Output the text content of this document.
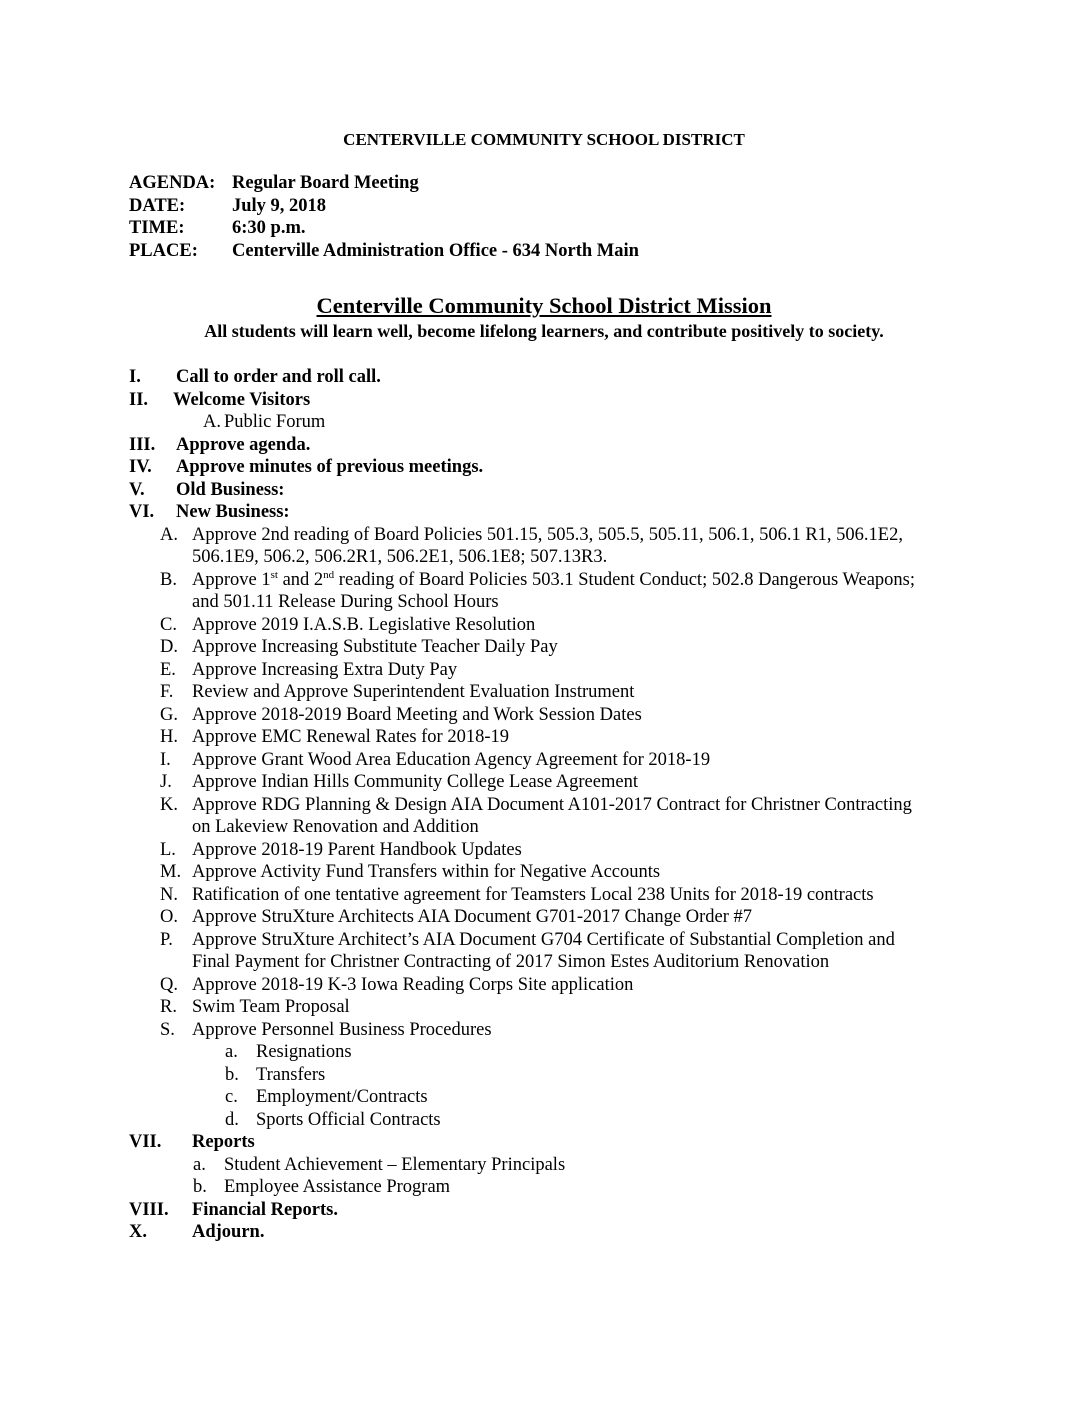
CENTERVILLE COMMUNITY SCHOOL DISTRICT
AGENDA: Regular Board Meeting
DATE:	July 9, 2018
TIME:	6:30 p.m.
PLACE: Centerville Administration Office - 634 North Main
Centerville Community School District Mission
All students will learn well, become lifelong learners, and contribute positively to society.
I. Call to order and roll call.
II. Welcome Visitors
A. Public Forum
III. Approve agenda.
IV. Approve minutes of previous meetings.
V. Old Business:
VI. New Business:
A. Approve 2nd reading of Board Policies 501.15, 505.3, 505.5, 505.11, 506.1, 506.1 R1, 506.1E2,
506.1E9, 506.2, 506.2R1, 506.2E1, 506.1E8; 507.13R3.
B. Approve 1st and 2nd reading of Board Policies 503.1 Student Conduct; 502.8 Dangerous Weapons;
and 501.11 Release During School Hours
C. Approve 2019 I.A.S.B. Legislative Resolution
D. Approve Increasing Substitute Teacher Daily Pay
E. Approve Increasing Extra Duty Pay
F. Review and Approve Superintendent Evaluation Instrument
G. Approve 2018-2019 Board Meeting and Work Session Dates
H. Approve EMC Renewal Rates for 2018-19
I. Approve Grant Wood Area Education Agency Agreement for 2018-19
J. Approve Indian Hills Community College Lease Agreement
K. Approve RDG Planning & Design AIA Document A101-2017 Contract for Christner Contracting
on Lakeview Renovation and Addition
L. Approve 2018-19 Parent Handbook Updates
M. Approve Activity Fund Transfers within for Negative Accounts
N. Ratification of one tentative agreement for Teamsters Local 238 Units for 2018-19 contracts
O. Approve StruXture Architects AIA Document G701-2017 Change Order #7
P. Approve StruXture Architect’s AIA Document G704 Certificate of Substantial Completion and
Final Payment for Christner Contracting of 2017 Simon Estes Auditorium Renovation
Q. Approve 2018-19 K-3 Iowa Reading Corps Site application
R. Swim Team Proposal
S. Approve Personnel Business Procedures
a. Resignations
b. Transfers
c. Employment/Contracts
d. Sports Official Contracts
VII. Reports
a. Student Achievement – Elementary Principals
b. Employee Assistance Program
VIII. Financial Reports.
X. Adjourn.
